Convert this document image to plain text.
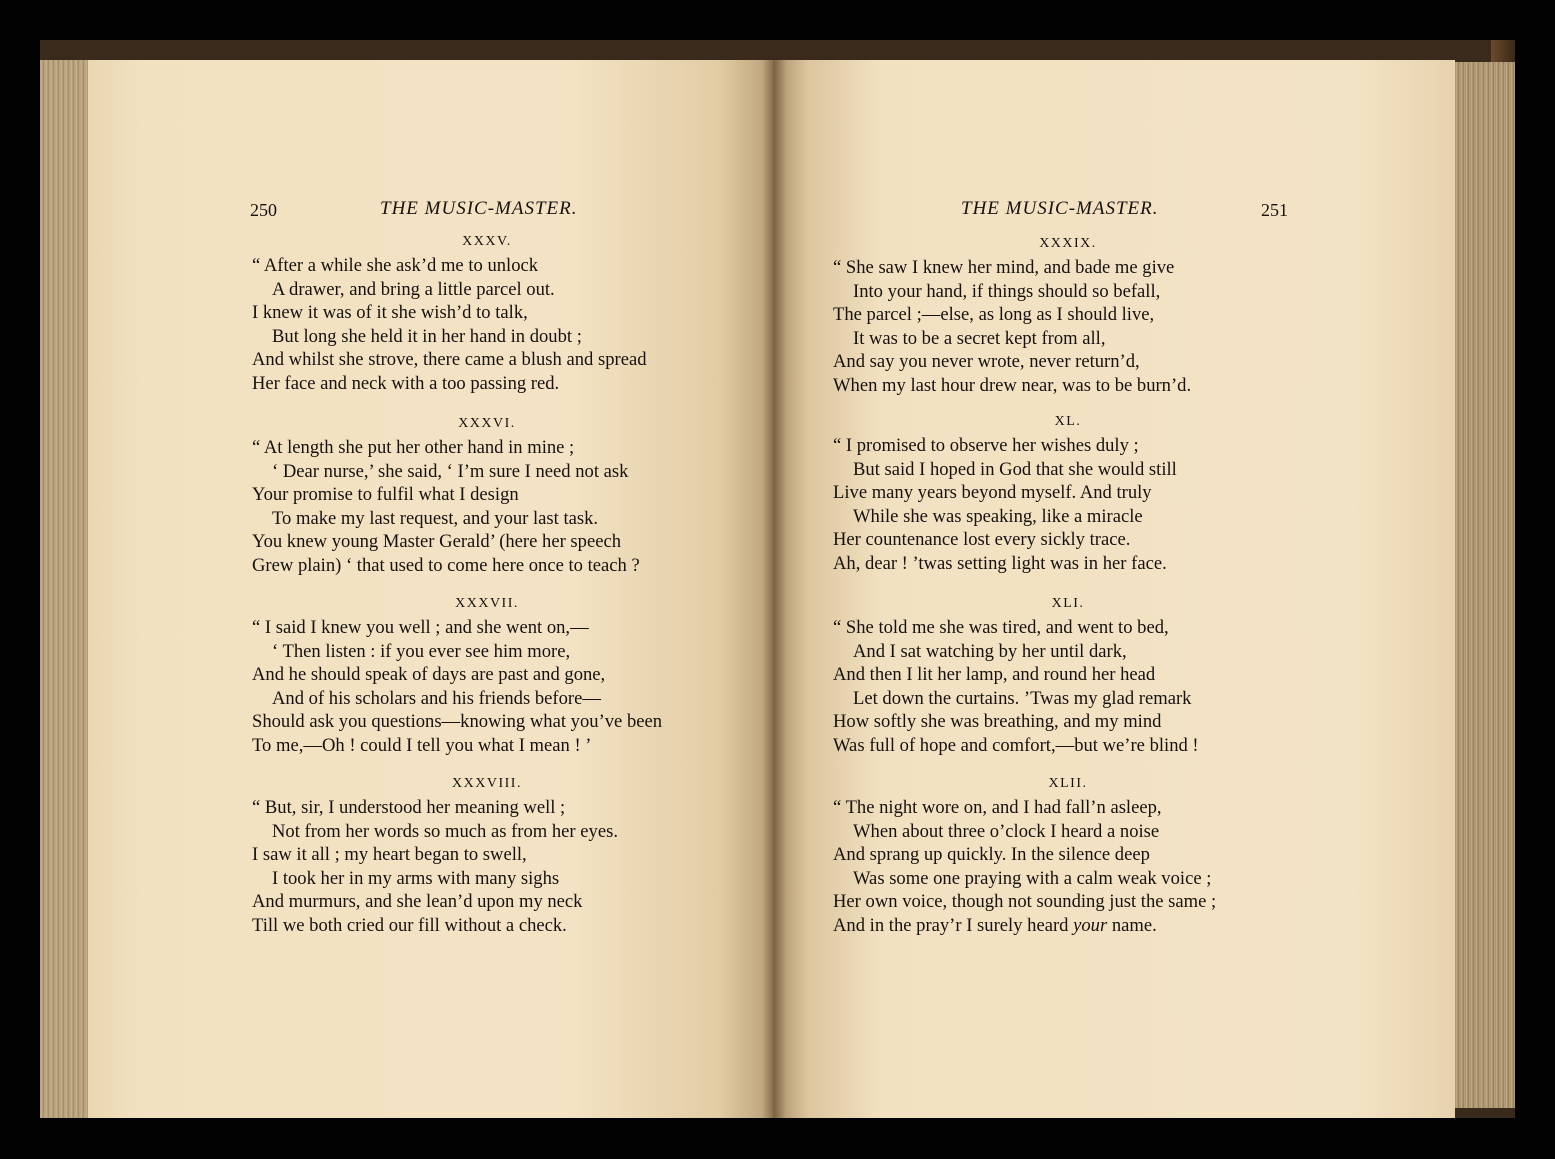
250	THE MUSIC-MASTER.
XXXV.
“ After a while she ask’d me to unlock
A drawer, and bring a little parcel out.
I knew it was of it she wish’d to talk,
But long she held it in her hand in doubt ;
And whilst she strove, there came a blush and spread
Her face and neck with a too passing red.
XXXVI.
“ At length she put her other hand in mine ;
‘ Dear nurse,’ she said, ‘ I’m sure I need not ask
Your promise to fulfil what I design
To make my last request, and your last task.
You knew young Master Gerald’ (here her speech
Grew plain) ‘ that used to come here once to teach ?
XXXVII.
“ I said I knew you well ; and she went on,—
‘ Then listen : if you ever see him more,
And he should speak of days are past and gone,
And of his scholars and his friends before—
Should ask you questions—knowing what you’ve been
To me,—Oh ! could I tell you what I mean ! ’
XXXVIII.
“ But, sir, I understood her meaning well ;
Not from her words so much as from her eyes.
I saw it all ; my heart began to swell,
I took her in my arms with many sighs
And murmurs, and she lean’d upon my neck
Till we both cried our fill without a check.
THE MUSIC-MASTER.	251
XXXIX.
“ She saw I knew her mind, and bade me give
Into your hand, if things should so befall,
The parcel ;—else, as long as I should live,
It was to be a secret kept from all,
And say you never wrote, never return’d,
When my last hour drew near, was to be burn’d.
XL.
“ I promised to observe her wishes duly ;
But said I hoped in God that she would still
Live many years beyond myself. And truly
While she was speaking, like a miracle
Her countenance lost every sickly trace.
Ah, dear ! ’twas setting light was in her face.
XLI.
“ She told me she was tired, and went to bed,
And I sat watching by her until dark,
And then I lit her lamp, and round her head
Let down the curtains. ’Twas my glad remark
How softly she was breathing, and my mind
Was full of hope and comfort,—but we’re blind !
XLII.
“ The night wore on, and I had fall’n asleep,
When about three o’clock I heard a noise
And sprang up quickly. In the silence deep
Was some one praying with a calm weak voice ;
Her own voice, though not sounding just the same ;
And in the pray’r I surely heard your name.
